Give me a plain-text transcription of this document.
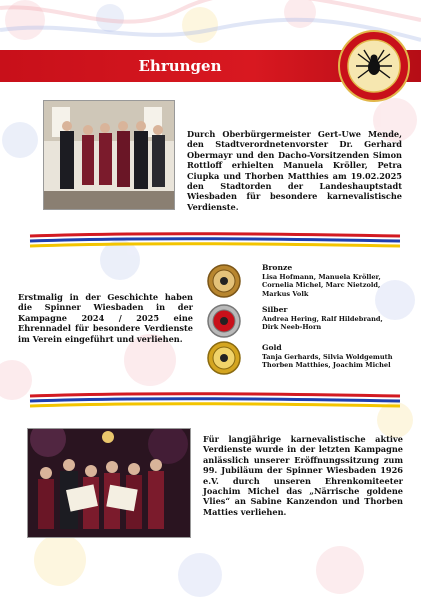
Ehrungen
Durch Oberbürgermeister Gert-Uwe Mende, den Stadtverordnetenvorster Dr. Gerhard Obermayr und den Dacho-Vorsitzenden Simon Rottloff erhielten Manuela Kröller, Petra Ciupka und Thorben Matthies am 19.02.2025 den Stadtorden der Landeshauptstadt Wiesbaden für besondere karnevalistische Verdienste.
Erstmalig in der Geschichte haben die Spinner Wiesbaden in der Kampagne 2024 / 2025 eine Ehrennadel für besondere Verdienste im Verein eingeführt und verliehen.
Bronze
Lisa Hofmann, Manuela Kröller,
Cornelia Michel, Marc Nietzold,
Markus Volk
Silber
Andrea Hering, Ralf Hildebrand,
Dirk Neeb-Horn
Gold
Tanja Gerhards, Silvia Woldgemuth
Thorben Matthies, Joachim Michel
Für langjährige karnevalistische aktive Verdienste wurde in der letzten Kampagne anlässlich unserer Eröffnungssitzung zum 99. Jubiläum der Spinner Wiesbaden 1926 e.V. durch unseren Ehrenkomiteeter Joachim Michel das „Närrische goldene Vlies“ an Sabine Kanzendon und Thorben Matties verliehen.
